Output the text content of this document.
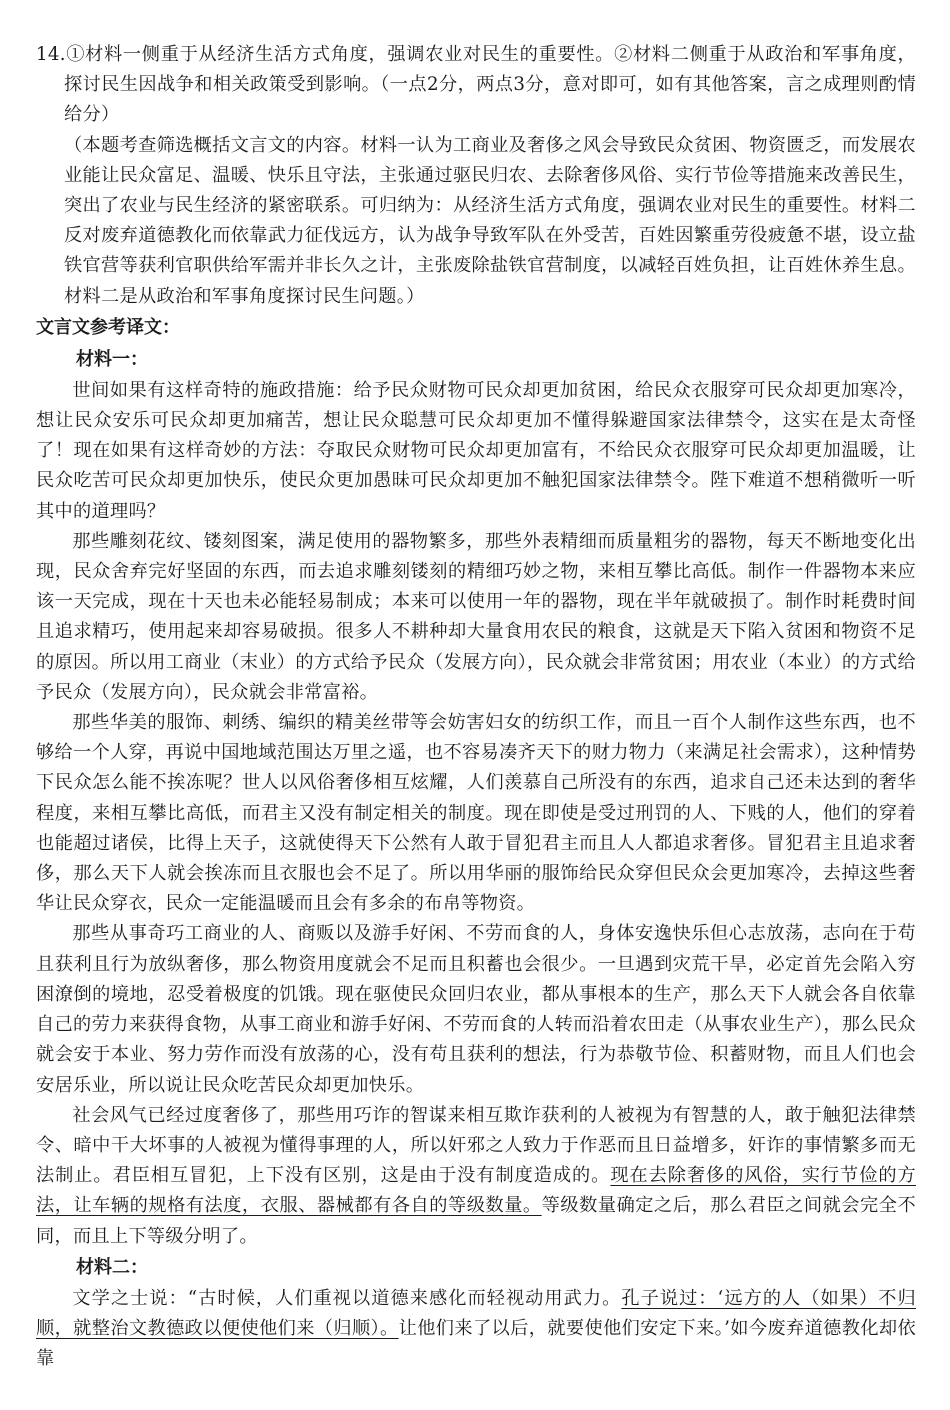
14.①材料一侧重于从经济生活方式角度，强调农业对民生的重要性。②材料二侧重于从政治和军事角度，探讨民生因战争和相关政策受到影响。（一点2分，两点3分，意对即可，如有其他答案，言之成理则酌情给分）

（本题考查筛选概括文言文的内容。材料一认为工商业及奢侈之风会导致民众贫困、物资匮乏，而发展农业能让民众富足、温暖、快乐且守法，主张通过驱民归农、去除奢侈风俗、实行节俭等措施来改善民生，突出了农业与民生经济的紧密联系。可归纳为：从经济生活方式角度，强调农业对民生的重要性。材料二反对废弃道德教化而依靠武力征伐远方，认为战争导致军队在外受苦，百姓因繁重劳役疲惫不堪，设立盐铁官营等获利官职供给军需并非长久之计，主张废除盐铁官营制度，以减轻百姓负担，让百姓休养生息。材料二是从政治和军事角度探讨民生问题。）

文言文参考译文：

材料一：

世间如果有这样奇特的施政措施：给予民众财物可民众却更加贫困，给民众衣服穿可民众却更加寒冷，想让民众安乐可民众却更加痛苦，想让民众聪慧可民众却更加不懂得躲避国家法律禁令，这实在是太奇怪了！现在如果有这样奇妙的方法：夺取民众财物可民众却更加富有，不给民众衣服穿可民众却更加温暖，让民众吃苦可民众却更加快乐，使民众更加愚昧可民众却更加不触犯国家法律禁令。陛下难道不想稍微听一听其中的道理吗？

那些雕刻花纹、镂刻图案，满足使用的器物繁多，那些外表精细而质量粗劣的器物，每天不断地变化出现，民众舍弃完好坚固的东西，而去追求雕刻镂刻的精细巧妙之物，来相互攀比高低。制作一件器物本来应该一天完成，现在十天也未必能轻易制成；本来可以使用一年的器物，现在半年就破损了。制作时耗费时间且追求精巧，使用起来却容易破损。很多人不耕种却大量食用农民的粮食，这就是天下陷入贫困和物资不足的原因。所以用工商业（末业）的方式给予民众（发展方向），民众就会非常贫困；用农业（本业）的方式给予民众（发展方向），民众就会非常富裕。

那些华美的服饰、刺绣、编织的精美丝带等会妨害妇女的纺织工作，而且一百个人制作这些东西，也不够给一个人穿，再说中国地域范围达万里之遥，也不容易凑齐天下的财力物力（来满足社会需求），这种情势下民众怎么能不挨冻呢？世人以风俗奢侈相互炫耀，人们羡慕自己所没有的东西，追求自己还未达到的奢华程度，来相互攀比高低，而君主又没有制定相关的制度。现在即使是受过刑罚的人、下贱的人，他们的穿着也能超过诸侯，比得上天子，这就使得天下公然有人敢于冒犯君主而且人人都追求奢侈。冒犯君主且追求奢侈，那么天下人就会挨冻而且衣服也会不足了。所以用华丽的服饰给民众穿但民众会更加寒冷，去掉这些奢华让民众穿衣，民众一定能温暖而且会有多余的布帛等物资。

那些从事奇巧工商业的人、商贩以及游手好闲、不劳而食的人，身体安逸快乐但心志放荡，志向在于苟且获利且行为放纵奢侈，那么物资用度就会不足而且积蓄也会很少。一旦遇到灾荒干旱，必定首先会陷入穷困潦倒的境地，忍受着极度的饥饿。现在驱使民众回归农业，都从事根本的生产，那么天下人就会各自依靠自己的劳力来获得食物，从事工商业和游手好闲、不劳而食的人转而沿着农田走（从事农业生产），那么民众就会安于本业、努力劳作而没有放荡的心，没有苟且获利的想法，行为恭敬节俭、积蓄财物，而且人们也会安居乐业，所以说让民众吃苦民众却更加快乐。

社会风气已经过度奢侈了，那些用巧诈的智谋来相互欺诈获利的人被视为有智慧的人，敢于触犯法律禁令、暗中干大坏事的人被视为懂得事理的人，所以奸邪之人致力于作恶而且日益增多，奸诈的事情繁多而无法制止。君臣相互冒犯，上下没有区别，这是由于没有制度造成的。现在去除奢侈的风俗，实行节俭的方法，让车辆的规格有法度，衣服、器械都有各自的等级数量。等级数量确定之后，那么君臣之间就会完全不同，而且上下等级分明了。

材料二：

文学之士说：“古时候，人们重视以道德来感化而轻视动用武力。孔子说过：‘远方的人（如果）不归顺，就整治文教德政以便使他们来（归顺）。让他们来了以后，就要使他们安定下来。’如今废弃道德教化却依靠
